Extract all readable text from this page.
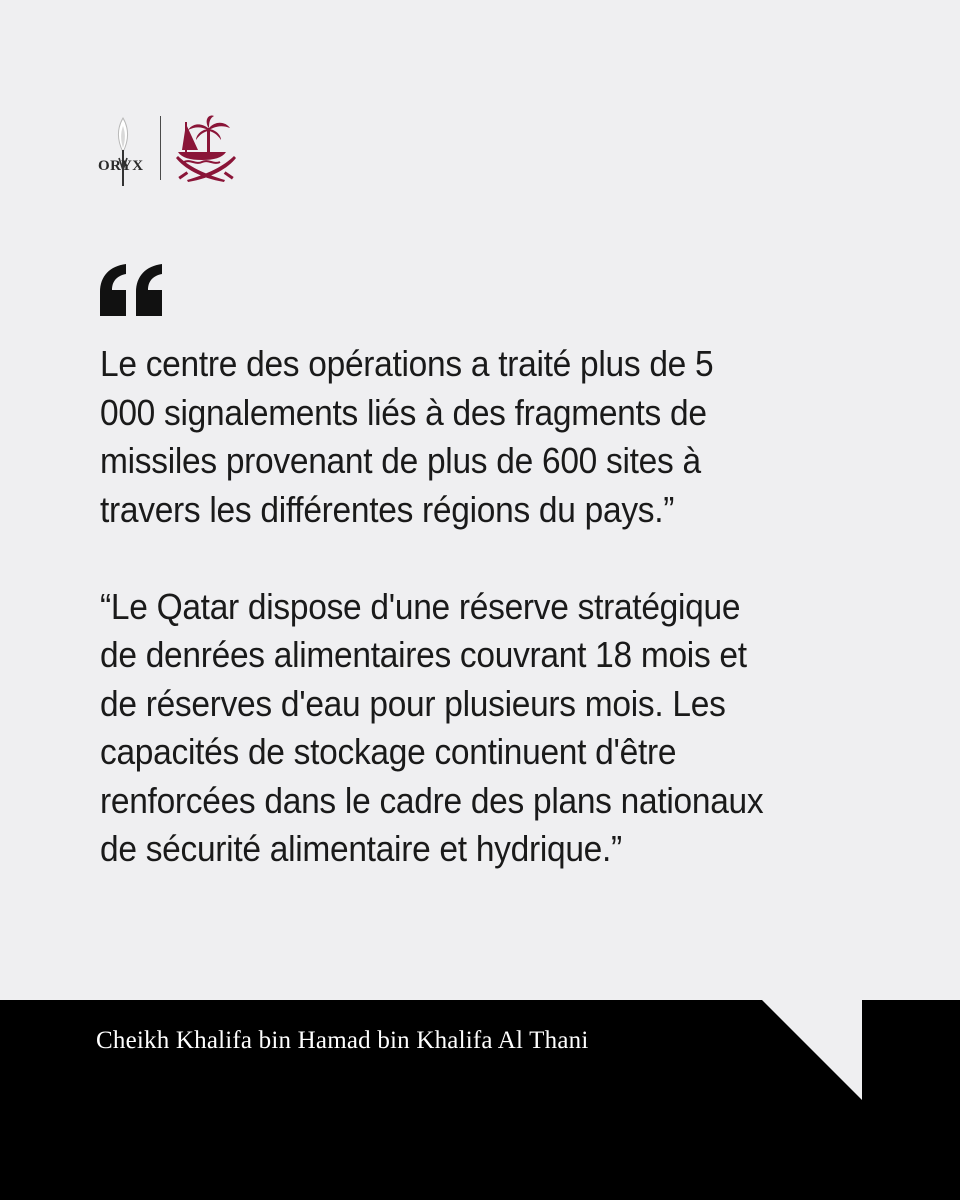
ORYX

Le centre des opérations a traité plus de 5 000 signalements liés à des fragments de missiles provenant de plus de 600 sites à travers les différentes régions du pays.”

“Le Qatar dispose d'une réserve stratégique de denrées alimentaires couvrant 18 mois et de réserves d'eau pour plusieurs mois. Les capacités de stockage continuent d'être renforcées dans le cadre des plans nationaux de sécurité alimentaire et hydrique.”

Cheikh Khalifa bin Hamad bin Khalifa Al Thani
